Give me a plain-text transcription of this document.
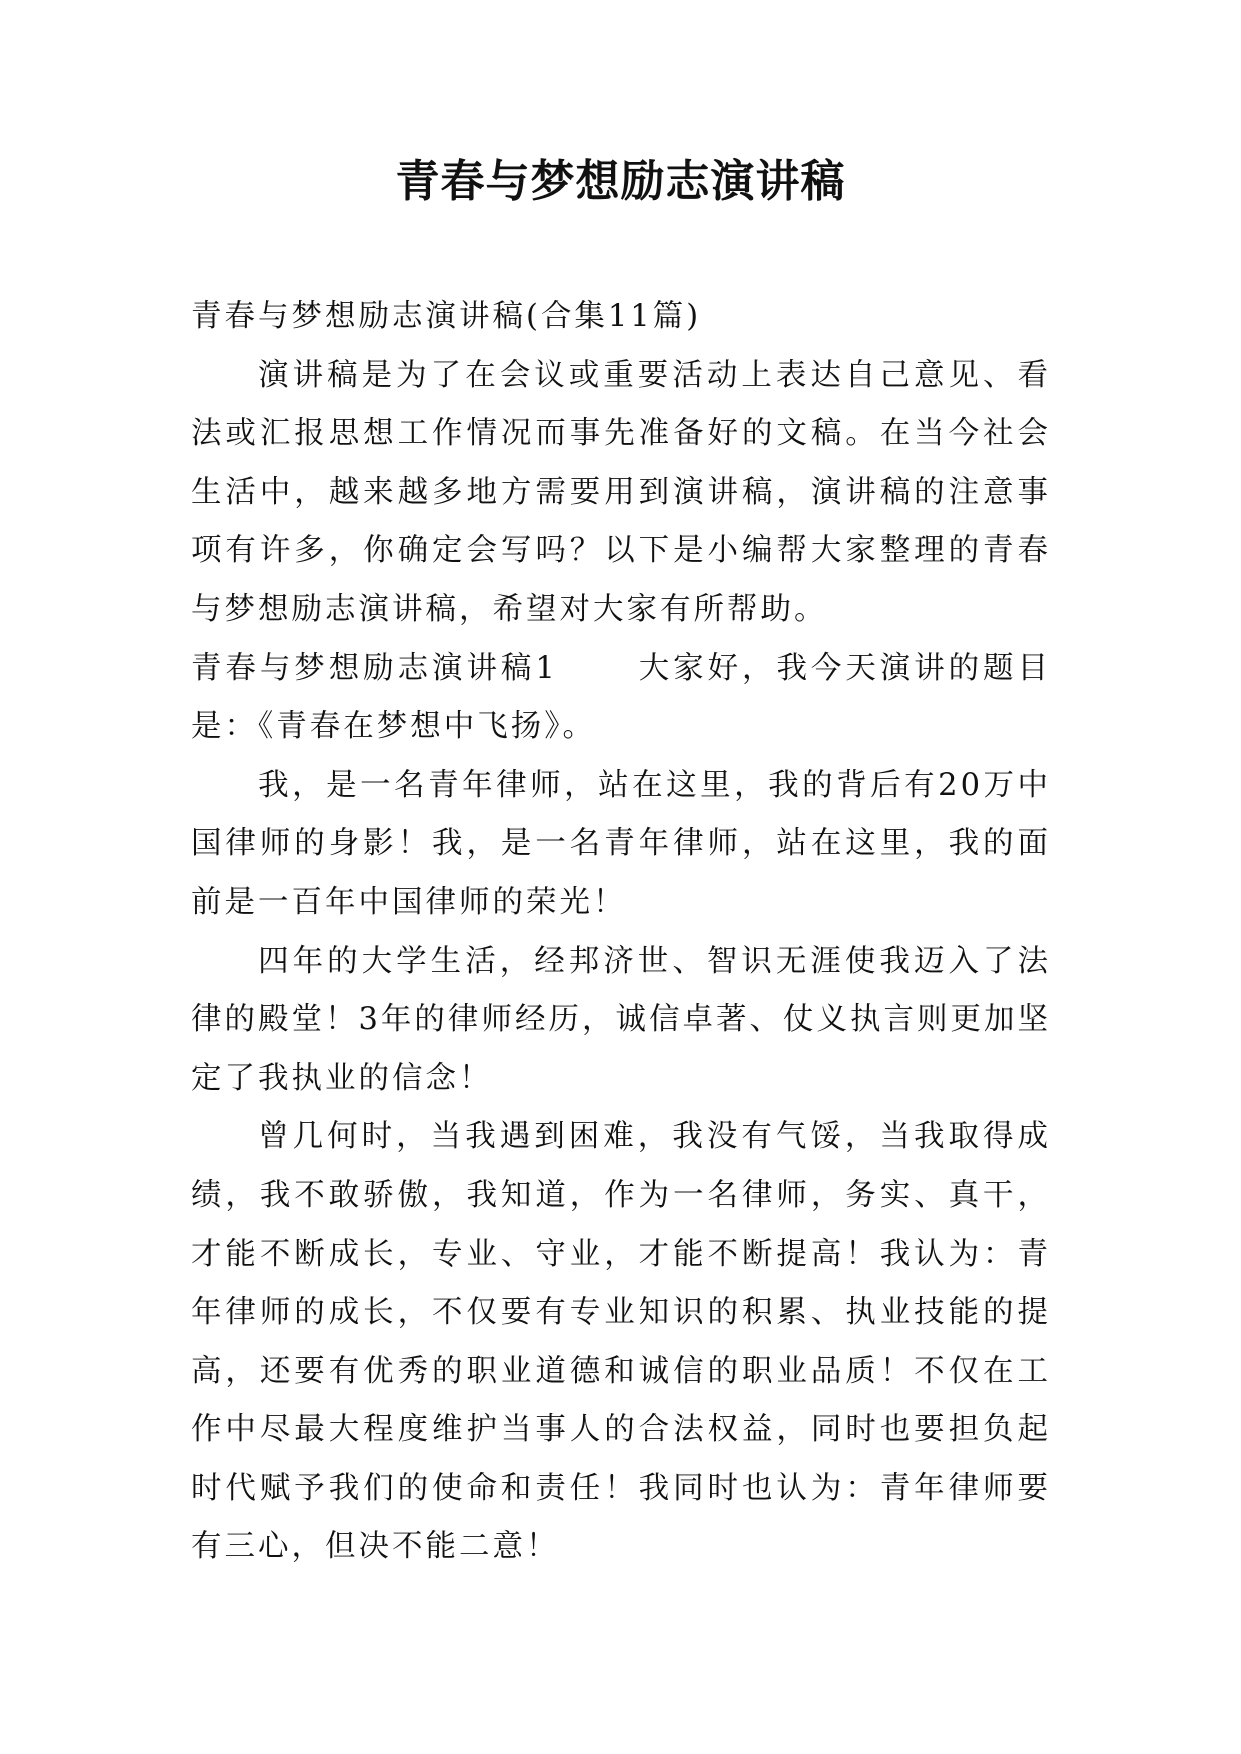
青春与梦想励志演讲稿

青春与梦想励志演讲稿(合集11篇)

演讲稿是为了在会议或重要活动上表达自己意见、看法或汇报思想工作情况而事先准备好的文稿。在当今社会生活中，越来越多地方需要用到演讲稿，演讲稿的注意事项有许多，你确定会写吗？以下是小编帮大家整理的青春与梦想励志演讲稿，希望对大家有所帮助。

青春与梦想励志演讲稿1	大家好，我今天演讲的题目是：《青春在梦想中飞扬》。

我，是一名青年律师，站在这里，我的背后有20万中国律师的身影！我，是一名青年律师，站在这里，我的面前是一百年中国律师的荣光！

四年的大学生活，经邦济世、智识无涯使我迈入了法律的殿堂！3年的律师经历，诚信卓著、仗义执言则更加坚定了我执业的信念！

曾几何时，当我遇到困难，我没有气馁，当我取得成绩，我不敢骄傲，我知道，作为一名律师，务实、真干，才能不断成长，专业、守业，才能不断提高！我认为：青年律师的成长，不仅要有专业知识的积累、执业技能的提高，还要有优秀的职业道德和诚信的职业品质！不仅在工作中尽最大程度维护当事人的合法权益，同时也要担负起时代赋予我们的使命和责任！我同时也认为：青年律师要有三心，但决不能二意！
